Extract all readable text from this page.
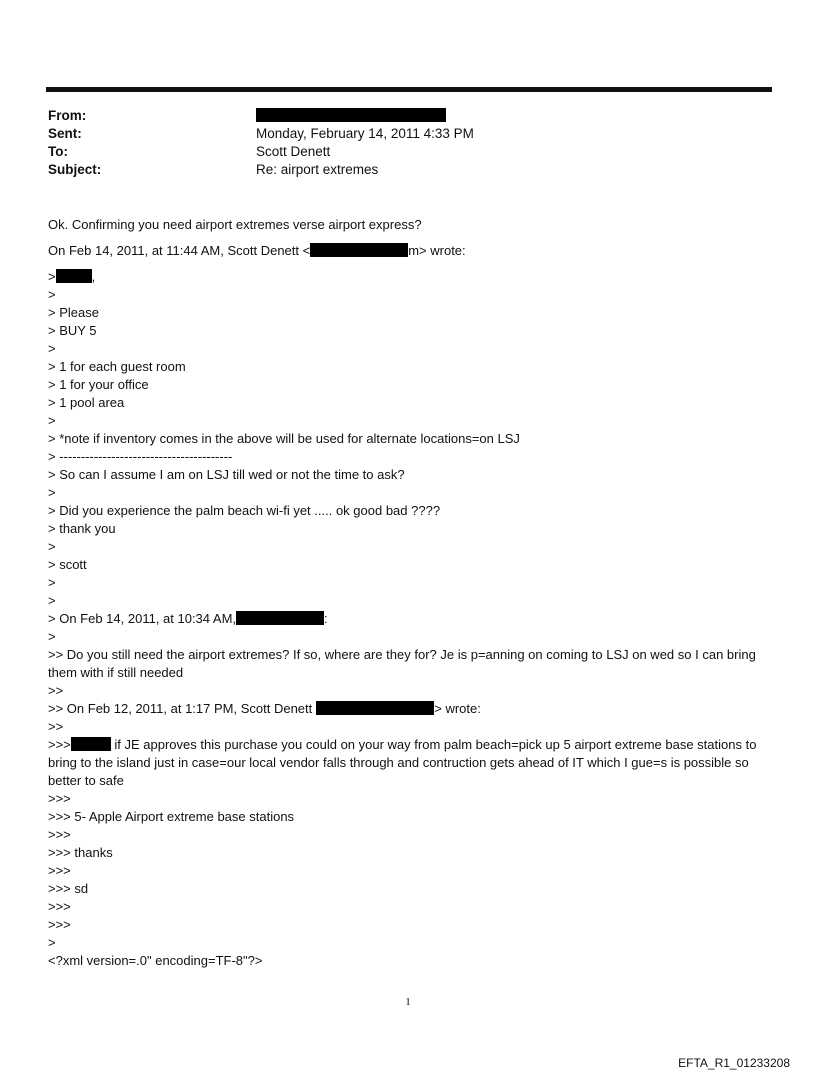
From:
Sent:	Monday, February 14, 2011 4:33 PM
To:	Scott Denett
Subject:	Re: airport extremes
Ok. Confirming you need airport extremes verse airport express?
On Feb 14, 2011, at 11:44 AM, Scott Denett <	m> wrote:
>	,
>
> Please
> BUY 5
>
> 1 for each guest room
> 1 for your office
> 1 pool area
>
> *note if inventory comes in the above will be used for alternate locations=on LSJ
> ----------------------------------------
> So can I assume I am on LSJ till wed or not the time to ask?
>
> Did you experience the palm beach wi-fi yet ..... ok good bad ????
> thank you
>
> scott
>
>
> On Feb 14, 2011, at 10:34 AM,	:
>
>> Do you still need the airport extremes? If so, where are they for? Je is p=anning on coming to LSJ on wed so I can bring them with if still needed
>>
>> On Feb 12, 2011, at 1:17 PM, Scott Denett	> wrote:
>>
>>>	if JE approves this purchase you could on your way from palm beach=pick up 5 airport extreme base stations to bring to the island just in case=our local vendor falls through and contruction gets ahead of IT which I gue=s is possible so better to safe
>>>
>>> 5- Apple Airport extreme base stations
>>>
>>> thanks
>>>
>>> sd
>>>
>>>
>
<?xml version=.0" encoding=TF-8"?>
1
EFTA_R1_01233208
